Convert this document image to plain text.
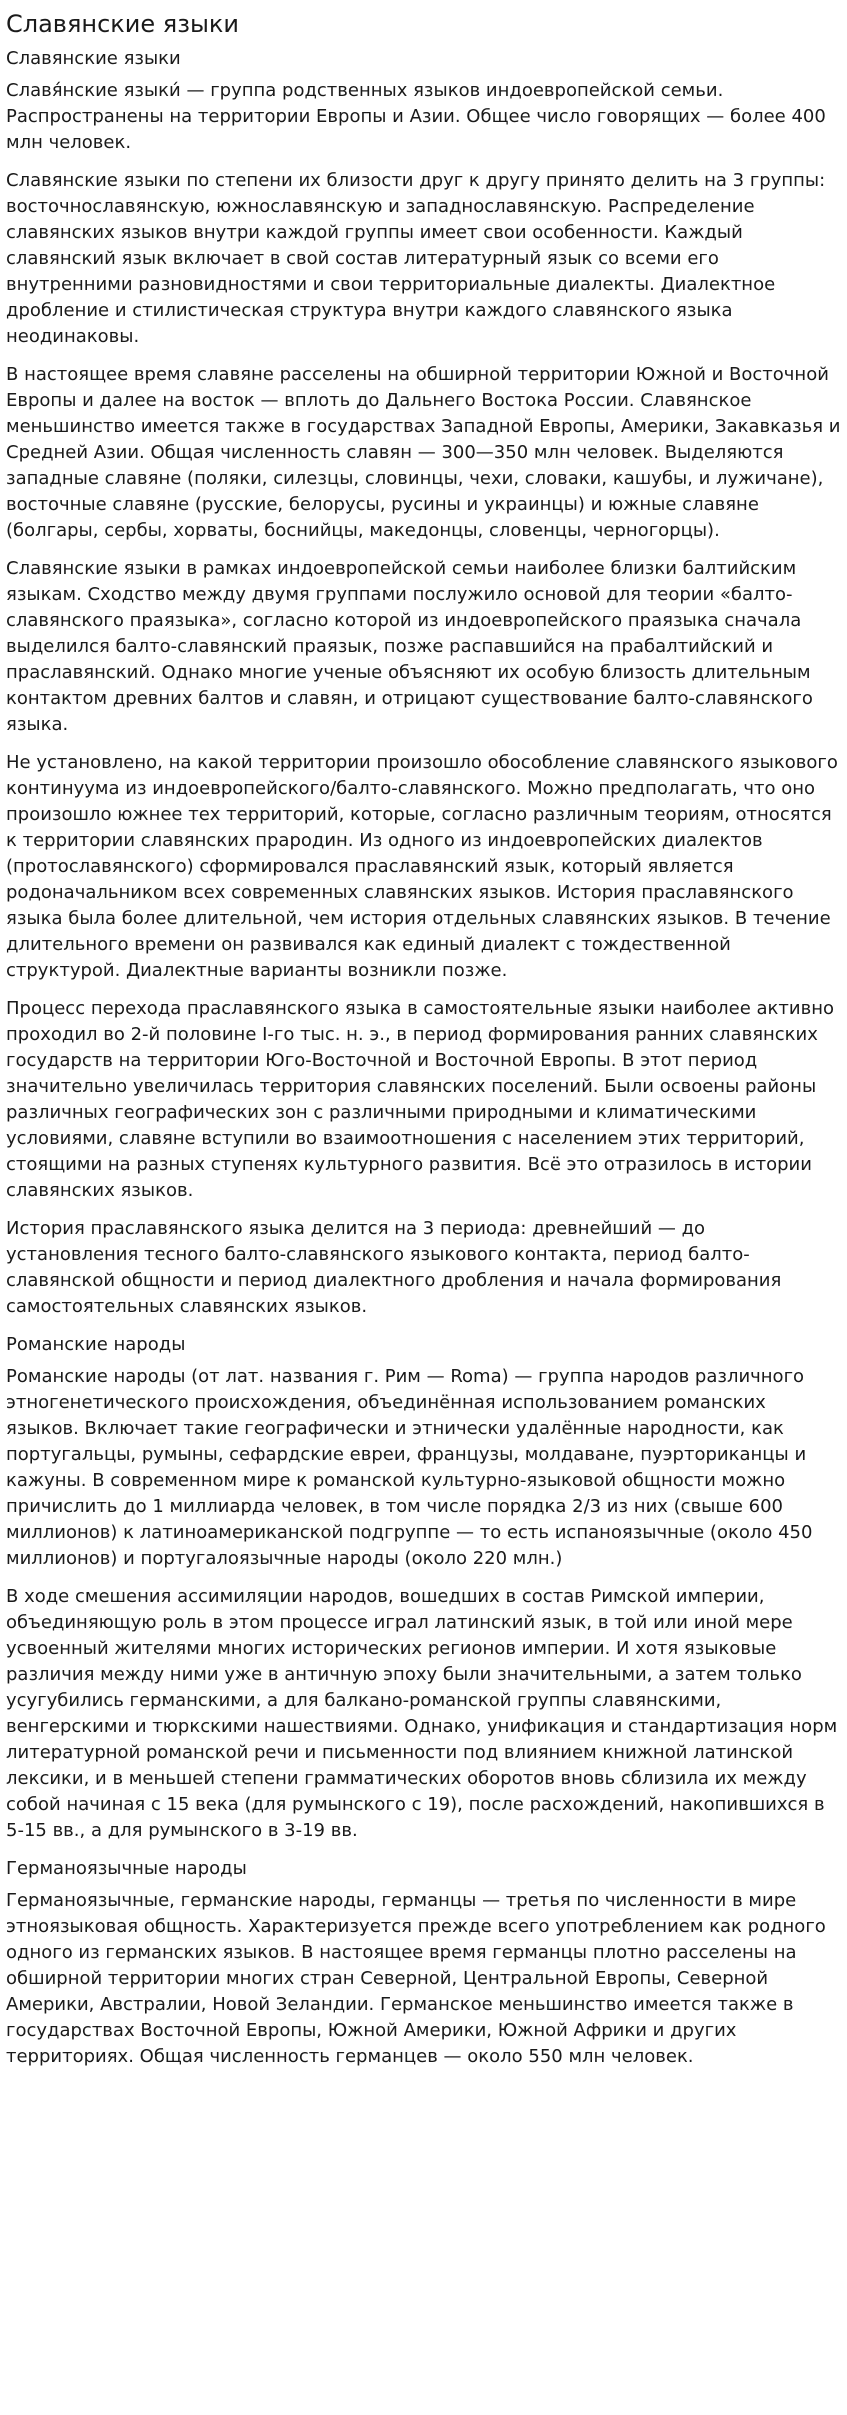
Славянские языки
Славянские языки

Славя́нские языки́ — группа родственных языков индоевропейской семьи. Распространены на территории Европы и Азии. Общее число говорящих — более 400 млн человек.

Славянские языки по степени их близости друг к другу принято делить на 3 группы: восточнославянскую, южнославянскую и западнославянскую. Распределение славянских языков внутри каждой группы имеет свои особенности. Каждый славянский язык включает в свой состав литературный язык со всеми его внутренними разновидностями и свои территориальные диалекты. Диалектное дробление и стилистическая структура внутри каждого славянского языка неодинаковы.

В настоящее время славяне расселены на обширной территории Южной и Восточной Европы и далее на восток — вплоть до Дальнего Востока России. Славянское меньшинство имеется также в государствах Западной Европы, Америки, Закавказья и Средней Азии. Общая численность славян — 300—350 млн человек. Выделяются западные славяне (поляки, силезцы, словинцы, чехи, словаки, кашубы, и лужичане), восточные славяне (русские, белорусы, русины и украинцы) и южные славяне (болгары, сербы, хорваты, боснийцы, македонцы, словенцы, черногорцы).

Славянские языки в рамках индоевропейской семьи наиболее близки балтийским языкам. Сходство между двумя группами послужило основой для теории «балто-славянского праязыка», согласно которой из индоевропейского праязыка сначала выделился балто-славянский праязык, позже распавшийся на прабалтийский и праславянский. Однако многие ученые объясняют их особую близость длительным контактом древних балтов и славян, и отрицают существование балто-славянского языка.

Не установлено, на какой территории произошло обособление славянского языкового континуума из индоевропейского/балто-славянского. Можно предполагать, что оно произошло южнее тех территорий, которые, согласно различным теориям, относятся к территории славянских прародин. Из одного из индоевропейских диалектов (протославянского) сформировался праславянский язык, который является родоначальником всех современных славянских языков. История праславянского языка была более длительной, чем история отдельных славянских языков. В течение длительного времени он развивался как единый диалект с тождественной структурой. Диалектные варианты возникли позже.

Процесс перехода праславянского языка в самостоятельные языки наиболее активно проходил во 2-й половине I-го тыс. н. э., в период формирования ранних славянских государств на территории Юго-Восточной и Восточной Европы. В этот период значительно увеличилась территория славянских поселений. Были освоены районы различных географических зон с различными природными и климатическими условиями, славяне вступили во взаимоотношения с населением этих территорий, стоящими на разных ступенях культурного развития. Всё это отразилось в истории славянских языков.

История праславянского языка делится на 3 периода: древнейший — до установления тесного балто-славянского языкового контакта, период балто-славянской общности и период диалектного дробления и начала формирования самостоятельных славянских языков.

Романские народы

Романские народы (от лат. названия г. Рим — Roma) — группа народов различного этногенетического происхождения, объединённая использованием романских языков. Включает такие географически и этнически удалённые народности, как португальцы, румыны, сефардские евреи, французы, молдаване, пуэрториканцы и кажуны. В современном мире к романской культурно-языковой общности можно причислить до 1 миллиарда человек, в том числе порядка 2/3 из них (свыше 600 миллионов) к латиноамериканской подгруппе — то есть испаноязычные (около 450 миллионов) и португалоязычные народы (около 220 млн.)

В ходе смешения ассимиляции народов, вошедших в состав Римской империи, объединяющую роль в этом процессе играл латинский язык, в той или иной мере усвоенный жителями многих исторических регионов империи. И хотя языковые различия между ними уже в античную эпоху были значительными, а затем только усугубились германскими, а для балкано-романской группы славянскими, венгерскими и тюркскими нашествиями. Однако, унификация и стандартизация норм литературной романской речи и письменности под влиянием книжной латинской лексики, и в меньшей степени грамматических оборотов вновь сблизила их между собой начиная с 15 века (для румынского с 19), после расхождений, накопившихся в 5-15 вв., а для румынского в 3-19 вв.

Германоязычные народы

Германоязычные, германские народы, германцы — третья по численности в мире этноязыковая общность. Характеризуется прежде всего употреблением как родного одного из германских языков. В настоящее время германцы плотно расселены на обширной территории многих стран Северной, Центральной Европы, Северной Америки, Австралии, Новой Зеландии. Германское меньшинство имеется также в государствах Восточной Европы, Южной Америки, Южной Африки и других территориях. Общая численность германцев — около 550 млн человек.
